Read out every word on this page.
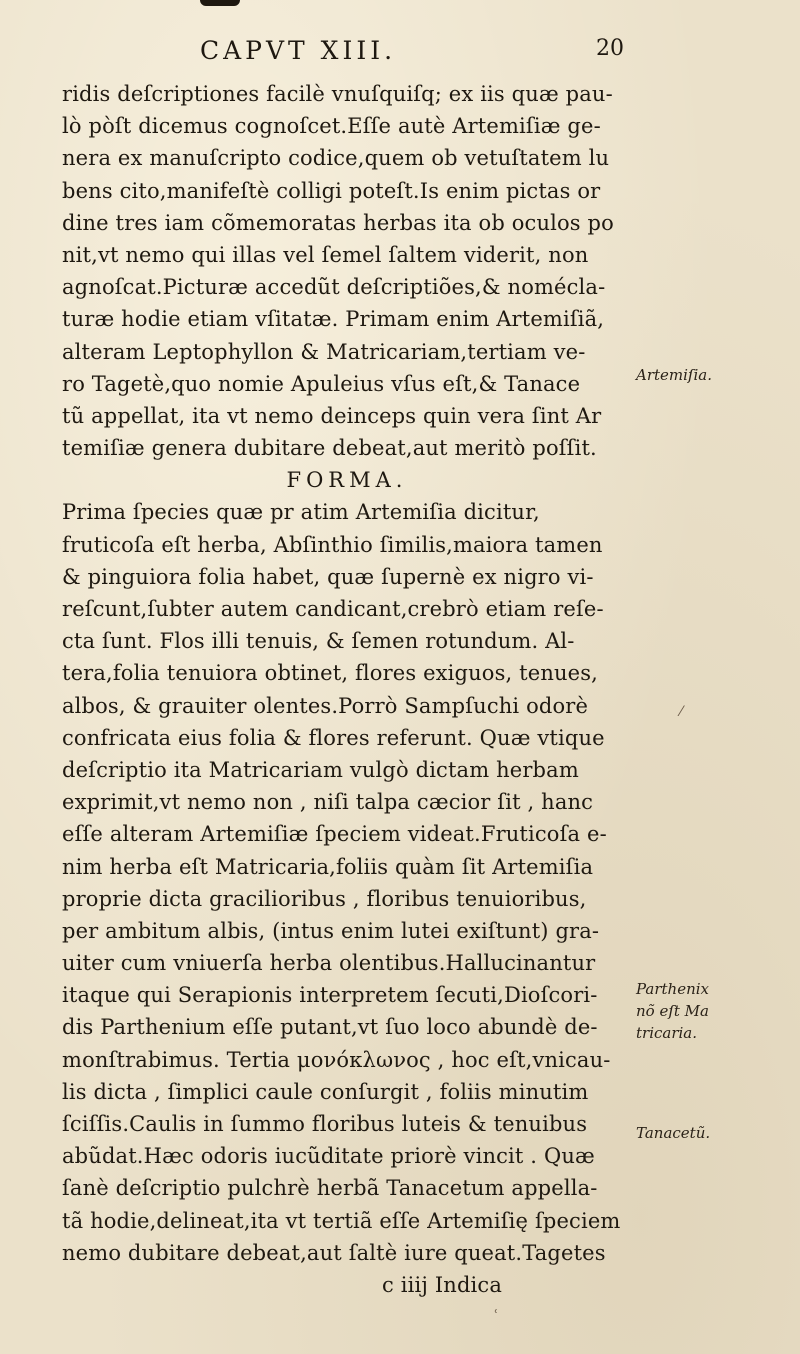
CAPVT XIII.	20
ridis deſcriptiones facilè vnuſquiſq; ex iis quæ pau-
lò pòſt dicemus cognoſcet.Eſſe autè Artemiſiæ ge-
nera ex manuſcripto codice,quem ob vetuſtatem lu
bens cito,manifeſtè colligi poteſt.Is enim pictas or
dine tres iam cõmemoratas herbas ita ob oculos po
nit,vt nemo qui illas vel ſemel ſaltem viderit, non
agnoſcat.Picturæ accedũt deſcriptiões,& nomécla-
turæ hodie etiam vſitatæ. Primam enim Artemiſiã,
alteram Leptophyllon & Matricariam,tertiam ve-
ro Tagetè,quo nomie Apuleius vſus eſt,& Tanace
tũ appellat, ita vt nemo deinceps quin vera ſint Ar
temiſiæ genera dubitare debeat,aut meritò poſſit.
FORMA.
Prima ſpecies quæ pr atim Artemiſia dicitur,
fruticoſa eſt herba, Abſinthio ſimilis,maiora tamen
& pinguiora folia habet, quæ ſupernè ex nigro vi-
reſcunt,ſubter autem candicant,crebrò etiam reſe-
cta ſunt. Flos illi tenuis, & ſemen rotundum. Al-
tera,folia tenuiora obtinet, flores exiguos, tenues,
albos, & grauiter olentes.Porrò Sampſuchi odorè
confricata eius folia & flores referunt. Quæ vtique
deſcriptio ita Matricariam vulgò dictam herbam
exprimit,vt nemo non , niſi talpa cæcior ſit , hanc
eſſe alteram Artemiſiæ ſpeciem videat.Fruticoſa e-
nim herba eſt Matricaria,foliis quàm ſit Artemiſia
proprie dicta gracilioribus , floribus tenuioribus,
per ambitum albis, (intus enim lutei exiſtunt) gra-
uiter cum vniuerſa herba olentibus.Hallucinantur
itaque qui Serapionis interpretem ſecuti,Dioſcori-
dis Parthenium eſſe putant,vt ſuo loco abundè de-
monſtrabimus. Tertia μονόκλωνος , hoc eſt,vnicau-
lis dicta , ſimplici caule conſurgit , foliis minutim
ſciſſis.Caulis in ſummo floribus luteis & tenuibus
abũdat.Hæc odoris iucũditate priorè vincit . Quæ
ſanè deſcriptio pulchrè herbã Tanacetum appella-
tã hodie,delineat,ita vt tertiã eſſe Artemiſię ſpeciem
nemo dubitare debeat,aut ſaltè iure queat.Tagetes
c iiij Indica
Artemiſia.
Parthenix
nõ eſt Ma
tricaria.
Tanacetũ.
⁄
ʿ
